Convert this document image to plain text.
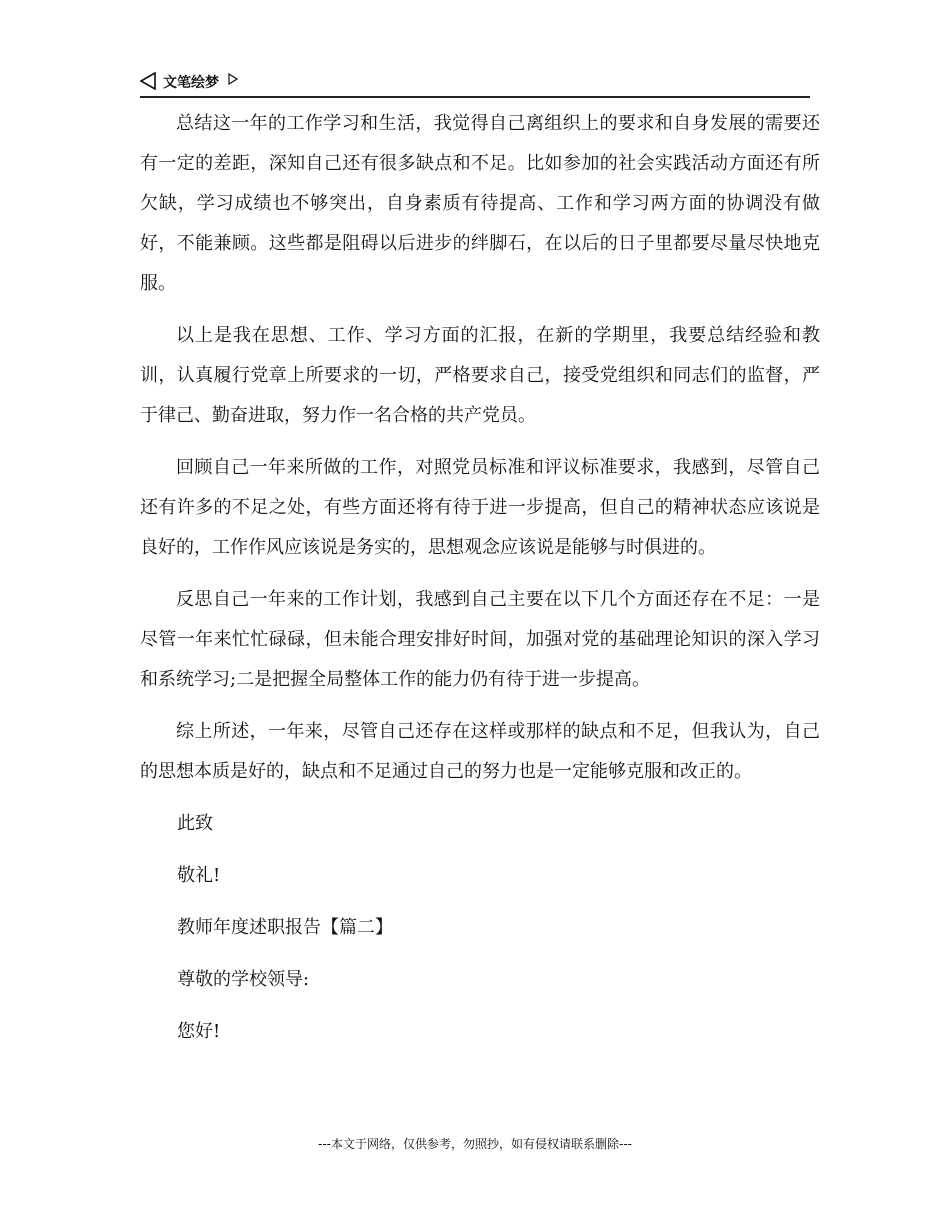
文笔绘梦

总结这一年的工作学习和生活，我觉得自己离组织上的要求和自身发展的需要还有一定的差距，深知自己还有很多缺点和不足。比如参加的社会实践活动方面还有所欠缺，学习成绩也不够突出，自身素质有待提高、工作和学习两方面的协调没有做好，不能兼顾。这些都是阻碍以后进步的绊脚石，在以后的日子里都要尽量尽快地克服。

以上是我在思想、工作、学习方面的汇报，在新的学期里，我要总结经验和教训，认真履行党章上所要求的一切，严格要求自己，接受党组织和同志们的监督，严于律己、勤奋进取，努力作一名合格的共产党员。

回顾自己一年来所做的工作，对照党员标准和评议标准要求，我感到，尽管自己还有许多的不足之处，有些方面还将有待于进一步提高，但自己的精神状态应该说是良好的，工作作风应该说是务实的，思想观念应该说是能够与时俱进的。

反思自己一年来的工作计划，我感到自己主要在以下几个方面还存在不足：一是尽管一年来忙忙碌碌，但未能合理安排好时间，加强对党的基础理论知识的深入学习和系统学习;二是把握全局整体工作的能力仍有待于进一步提高。

综上所述，一年来，尽管自己还存在这样或那样的缺点和不足，但我认为，自己的思想本质是好的，缺点和不足通过自己的努力也是一定能够克服和改正的。

此致

敬礼!

教师年度述职报告【篇二】

尊敬的学校领导:

您好!

---本文于网络，仅供参考，勿照抄，如有侵权请联系删除---
